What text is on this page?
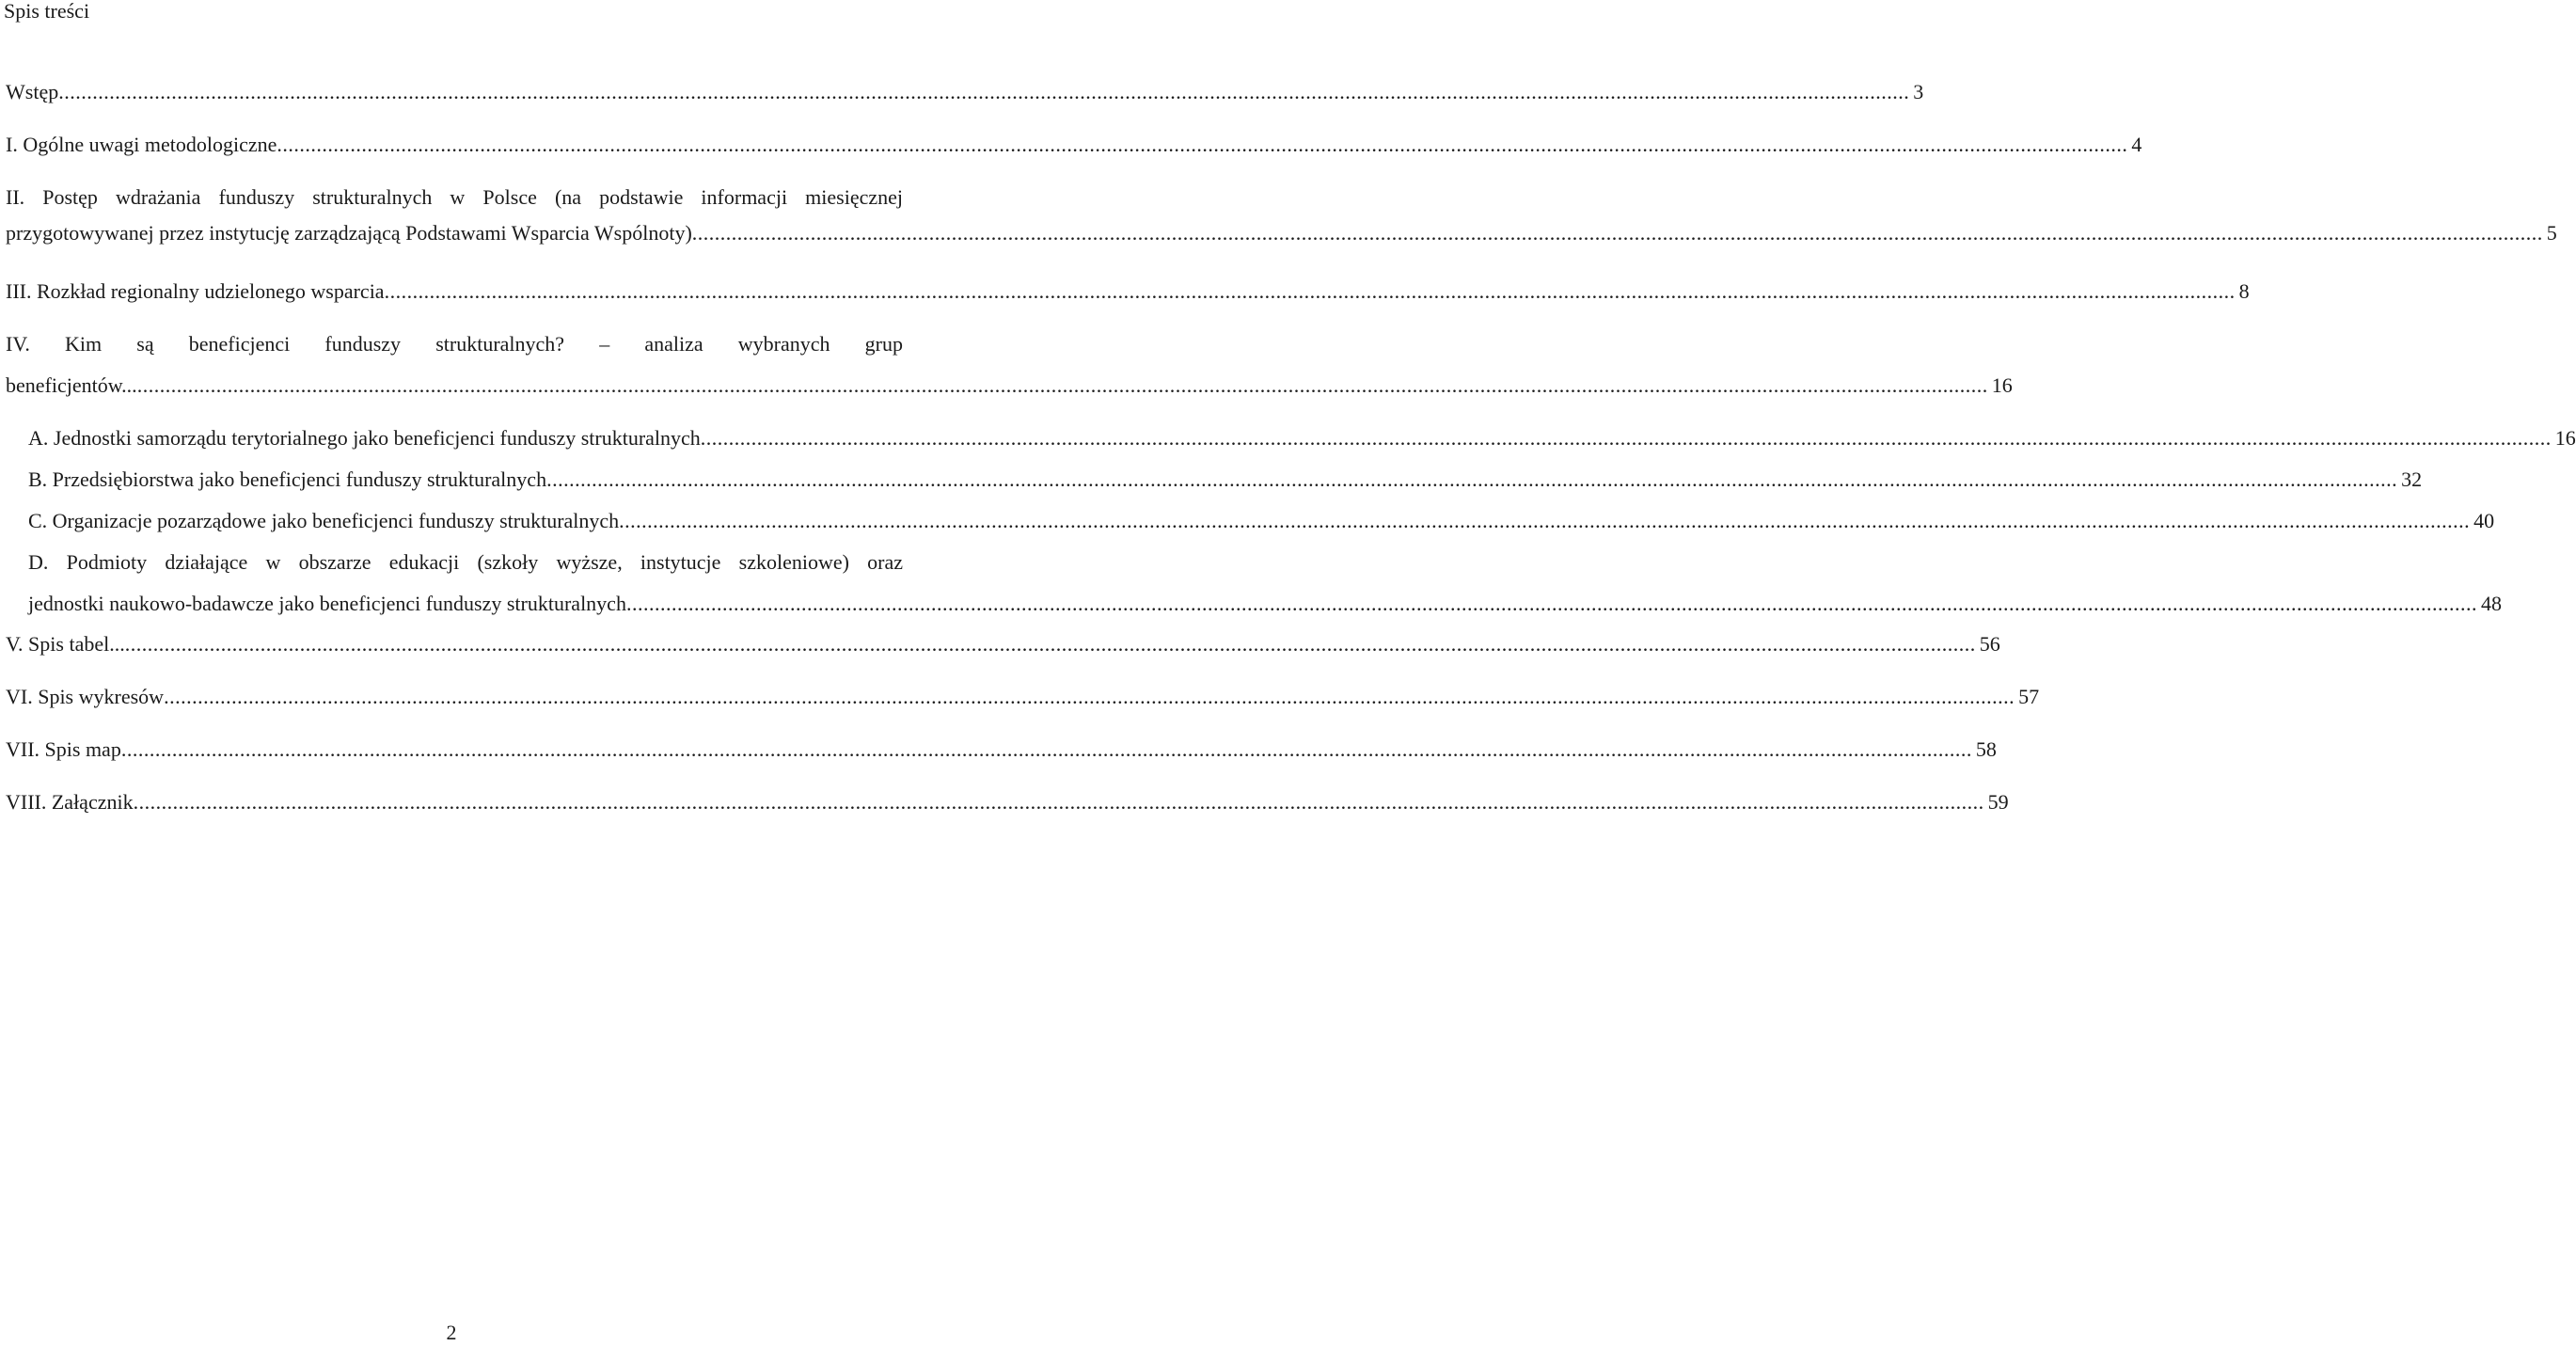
Spis treści
Wstęp .....	3
I. Ogólne uwagi metodologiczne .....	4
II. Postęp wdrażania funduszy strukturalnych w Polsce (na podstawie informacji miesięcznej
przygotowywanej przez instytucję zarządzającą Podstawami Wsparcia Wspólnoty) .....	5
III. Rozkład regionalny udzielonego wsparcia .....	8
IV. Kim są beneficjenci funduszy strukturalnych? – analiza wybranych grup
beneficjentów... .....	16
A. Jednostki samorządu terytorialnego jako beneficjenci funduszy strukturalnych .....	16
B. Przedsiębiorstwa jako beneficjenci funduszy strukturalnych .....	32
C. Organizacje pozarządowe jako beneficjenci funduszy strukturalnych .....	40
D. Podmioty działające w obszarze edukacji (szkoły wyższe, instytucje szkoleniowe) oraz
jednostki naukowo-badawcze jako beneficjenci funduszy strukturalnych .....	48
V. Spis tabel... .....	56
VI. Spis wykresów .....	57
VII. Spis map .....	58
VIII. Załącznik .....	59
2
